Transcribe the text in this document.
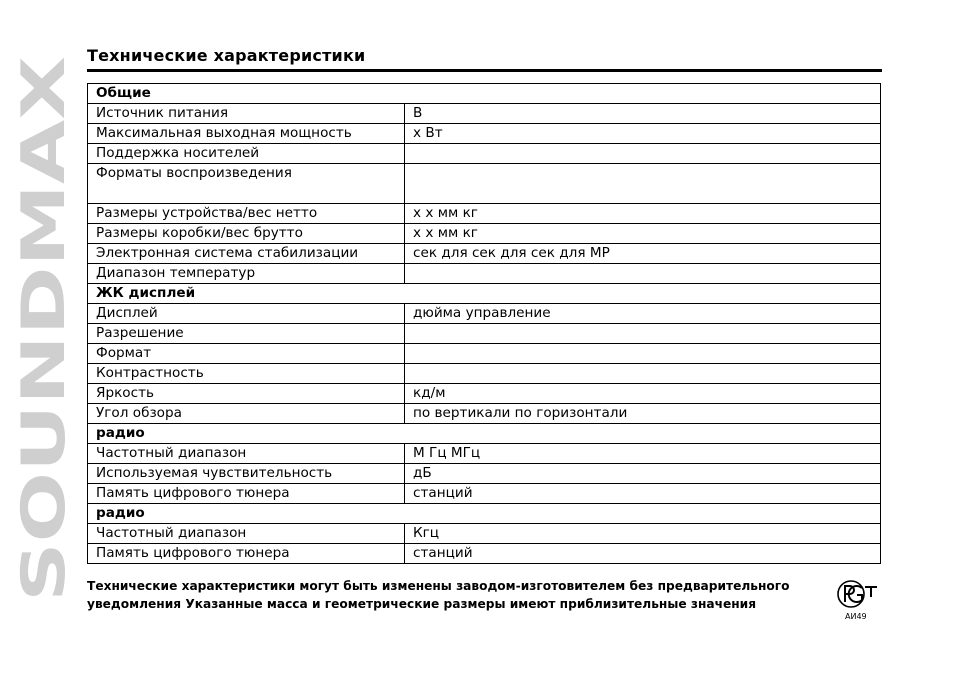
SOUNDMAX
Технические характеристики
Общие	
Источник питания	В
Максимальная выходная мощность	x Вт
Поддержка носителей	
Форматы воспроизведения	
Размеры устройства/вес нетто	x x мм кг
Размеры коробки/вес брутто	x x мм кг
Электронная система стабилизации	сек для сек для сек для MP
Диапазон температур	
ЖК дисплей	
Дисплей	дюйма управление
Разрешение	
Формат	
Контрастность	
Яркость	кд/м
Угол обзора	по вертикали по горизонтали
радио	
Частотный диапазон	М Гц МГц
Используемая чувствительность	дБ
Память цифрового тюнера	станций
радио	
Частотный диапазон	Кгц
Память цифрового тюнера	станций

Технические характеристики могут быть изменены заводом-изготовителем без предварительного
уведомления Указанные масса и геометрические размеры имеют приблизительные значения

АИ49
